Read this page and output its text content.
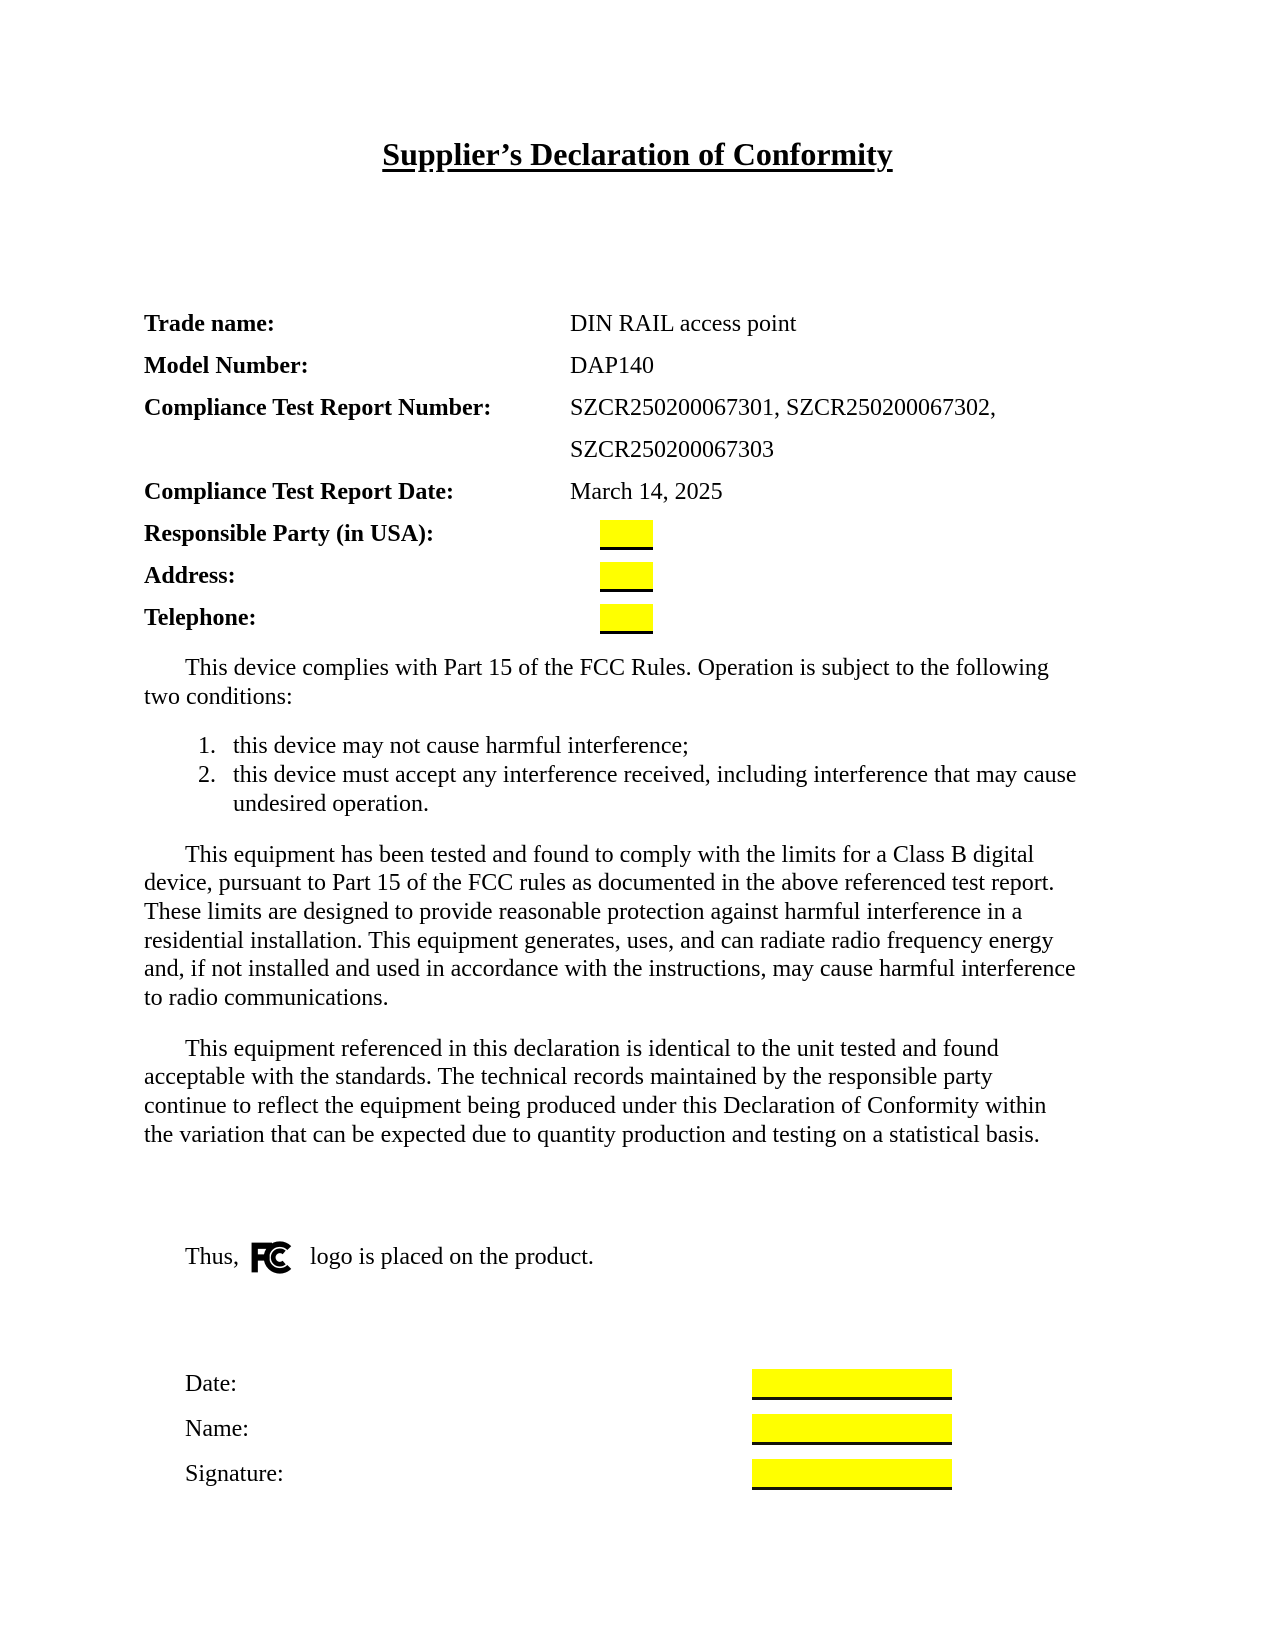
Supplier’s Declaration of Conformity
Trade name:	DIN RAIL access point
Model Number:	DAP140
Compliance Test Report Number:	SZCR250200067301, SZCR250200067302,
SZCR250200067303
Compliance Test Report Date:	March 14, 2025
Responsible Party (in USA):
Address:
Telephone:
This device complies with Part 15 of the FCC Rules. Operation is subject to the following
two conditions:
1. this device may not cause harmful interference;
2. this device must accept any interference received, including interference that may cause
undesired operation.
This equipment has been tested and found to comply with the limits for a Class B digital
device, pursuant to Part 15 of the FCC rules as documented in the above referenced test report.
These limits are designed to provide reasonable protection against harmful interference in a
residential installation. This equipment generates, uses, and can radiate radio frequency energy
and, if not installed and used in accordance with the instructions, may cause harmful interference
to radio communications.
This equipment referenced in this declaration is identical to the unit tested and found
acceptable with the standards. The technical records maintained by the responsible party
continue to reflect the equipment being produced under this Declaration of Conformity within
the variation that can be expected due to quantity production and testing on a statistical basis.
Thus,	logo is placed on the product.
Date:
Name:
Signature:
